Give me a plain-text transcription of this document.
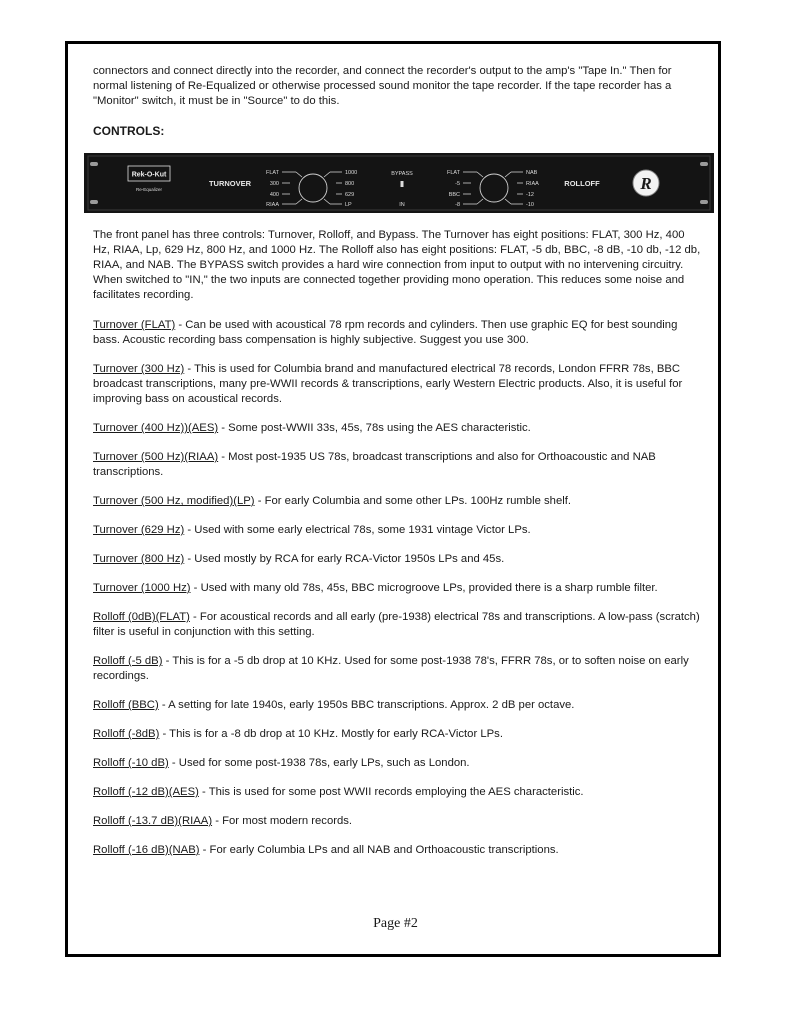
connectors and connect directly into the recorder, and connect the recorder's output to the amp's "Tape In." Then for normal listening of Re-Equalized or otherwise processed sound monitor the tape recorder. If the tape recorder has a "Monitor" switch, it must be in "Source" to do this.

CONTROLS:

Rek-O-Kut
Re-Equalizer
TURNOVER
FLAT
300
400
RIAA
1000
800
629
LP
BYPASS
IN
FLAT
-5
BBC
-8
NAB
RIAA
-12
-10
ROLLOFF R

The front panel has three controls: Turnover, Rolloff, and Bypass. The Turnover has eight positions: FLAT, 300 Hz, 400 Hz, RIAA, Lp, 629 Hz, 800 Hz, and 1000 Hz. The Rolloff also has eight positions: FLAT, -5 db, BBC, -8 dB, -10 db, -12 db, RIAA, and NAB. The BYPASS switch provides a hard wire connection from input to output with no intervening circuitry. When switched to "IN," the two inputs are connected together providing mono operation. This reduces some noise and facilitates recording.

Turnover (FLAT) - Can be used with acoustical 78 rpm records and cylinders. Then use graphic EQ for best sounding bass. Acoustic recording bass compensation is highly subjective. Suggest you use 300.

Turnover (300 Hz) - This is used for Columbia brand and manufactured electrical 78 records, London FFRR 78s, BBC broadcast transcriptions, many pre-WWII records & transcriptions, early Western Electric products. Also, it is useful for improving bass on acoustical records.

Turnover (400 Hz))(AES) - Some post-WWII 33s, 45s, 78s using the AES characteristic.

Turnover (500 Hz)(RIAA) - Most post-1935 US 78s, broadcast transcriptions and also for Orthoacoustic and NAB transcriptions.

Turnover (500 Hz, modified)(LP) - For early Columbia and some other LPs. 100Hz rumble shelf.

Turnover (629 Hz) - Used with some early electrical 78s, some 1931 vintage Victor LPs.

Turnover (800 Hz) - Used mostly by RCA for early RCA-Victor 1950s LPs and 45s.

Turnover (1000 Hz) - Used with many old 78s, 45s, BBC microgroove LPs, provided there is a sharp rumble filter.

Rolloff (0dB)(FLAT) - For acoustical records and all early (pre-1938) electrical 78s and transcriptions. A low-pass (scratch) filter is useful in conjunction with this setting.

Rolloff (-5 dB) - This is for a -5 db drop at 10 KHz. Used for some post-1938 78's, FFRR 78s, or to soften noise on early recordings.

Rolloff (BBC) - A setting for late 1940s, early 1950s BBC transcriptions. Approx. 2 dB per octave.

Rolloff (-8dB) - This is for a -8 db drop at 10 KHz. Mostly for early RCA-Victor LPs.

Rolloff (-10 dB) - Used for some post-1938 78s, early LPs, such as London.

Rolloff (-12 dB)(AES) - This is used for some post WWII records employing the AES characteristic.

Rolloff (-13.7 dB)(RIAA) - For most modern records.

Rolloff (-16 dB)(NAB) - For early Columbia LPs and all NAB and Orthoacoustic transcriptions.

Page #2
